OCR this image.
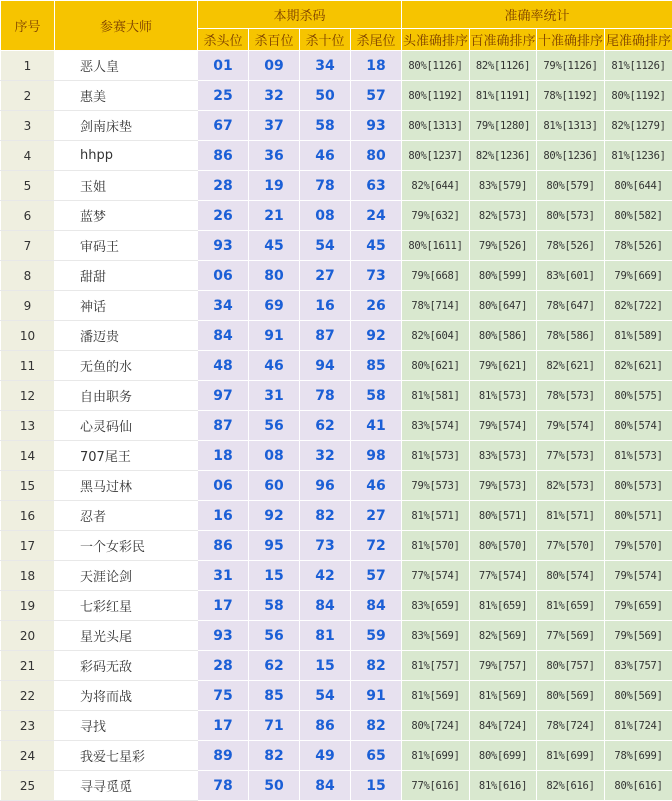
序号	参赛大师	本期杀码				准确率统计			
		杀头位	杀百位	杀十位	杀尾位	头准确排序	百准确排序	十准确排序	尾准确排序
1	恶人皇	01	09	34	18	80%[1126]	82%[1126]	79%[1126]	81%[1126]
2	惠美	25	32	50	57	80%[1192]	81%[1191]	78%[1192]	80%[1192]
3	剑南床垫	67	37	58	93	80%[1313]	79%[1280]	81%[1313]	82%[1279]
4	hhpp	86	36	46	80	80%[1237]	82%[1236]	80%[1236]	81%[1236]
5	玉姐	28	19	78	63	82%[644]	83%[579]	80%[579]	80%[644]
6	蓝梦	26	21	08	24	79%[632]	82%[573]	80%[573]	80%[582]
7	审码王	93	45	54	45	80%[1611]	79%[526]	78%[526]	78%[526]
8	甜甜	06	80	27	73	79%[668]	80%[599]	83%[601]	79%[669]
9	神话	34	69	16	26	78%[714]	80%[647]	78%[647]	82%[722]
10	潘迈贵	84	91	87	92	82%[604]	80%[586]	78%[586]	81%[589]
11	无鱼的水	48	46	94	85	80%[621]	79%[621]	82%[621]	82%[621]
12	自由职务	97	31	78	58	81%[581]	81%[573]	78%[573]	80%[575]
13	心灵码仙	87	56	62	41	83%[574]	79%[574]	79%[574]	80%[574]
14	707尾王	18	08	32	98	81%[573]	83%[573]	77%[573]	81%[573]
15	黑马过林	06	60	96	46	79%[573]	79%[573]	82%[573]	80%[573]
16	忍者	16	92	82	27	81%[571]	80%[571]	81%[571]	80%[571]
17	一个女彩民	86	95	73	72	81%[570]	80%[570]	77%[570]	79%[570]
18	天涯论剑	31	15	42	57	77%[574]	77%[574]	80%[574]	79%[574]
19	七彩红星	17	58	84	84	83%[659]	81%[659]	81%[659]	79%[659]
20	星光头尾	93	56	81	59	83%[569]	82%[569]	77%[569]	79%[569]
21	彩码无敌	28	62	15	82	81%[757]	79%[757]	80%[757]	83%[757]
22	为将而战	75	85	54	91	81%[569]	81%[569]	80%[569]	80%[569]
23	寻找	17	71	86	82	80%[724]	84%[724]	78%[724]	81%[724]
24	我爱七星彩	89	82	49	65	81%[699]	80%[699]	81%[699]	78%[699]
25	寻寻觅觅	78	50	84	15	77%[616]	81%[616]	82%[616]	80%[616]
